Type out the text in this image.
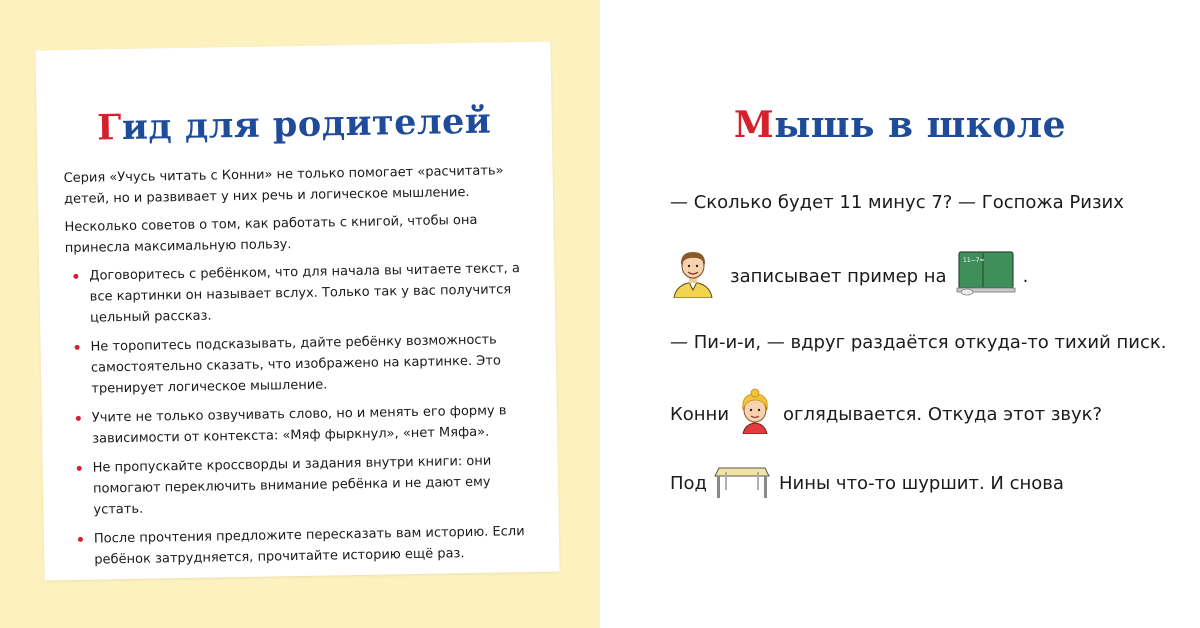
Гид для родителей

Серия «Учусь читать с Конни» не только помогает «расчитать» детей, но и развивает у них речь и логическое мышление.

Несколько советов о том, как работать с книгой, чтобы она принесла максимальную пользу.

Договоритесь с ребёнком, что для начала вы читаете текст, а все картинки он называет вслух. Только так у вас получится цельный рассказ.
Не торопитесь подсказывать, дайте ребёнку возможность самостоятельно сказать, что изображено на картинке. Это тренирует логическое мышление.
Учите не только озвучивать слово, но и менять его форму в зависимости от контекста: «Мяф фыркнул», «нет Мяфа».
Не пропускайте кроссворды и задания внутри книги: они помогают переключить внимание ребёнка и не дают ему устать.
После прочтения предложите пересказать вам историю. Если ребёнок затрудняется, прочитайте историю ещё раз.
Мышь в школе
— Сколько будет 11 минус 7? — Госпожа Ризих
записывает пример на
11−7=
.
— Пи-и-и, — вдруг раздаётся откуда-то тихий писк.
Конни	оглядывается. Откуда этот звук?
Под	Нины что-то шуршит. И снова
